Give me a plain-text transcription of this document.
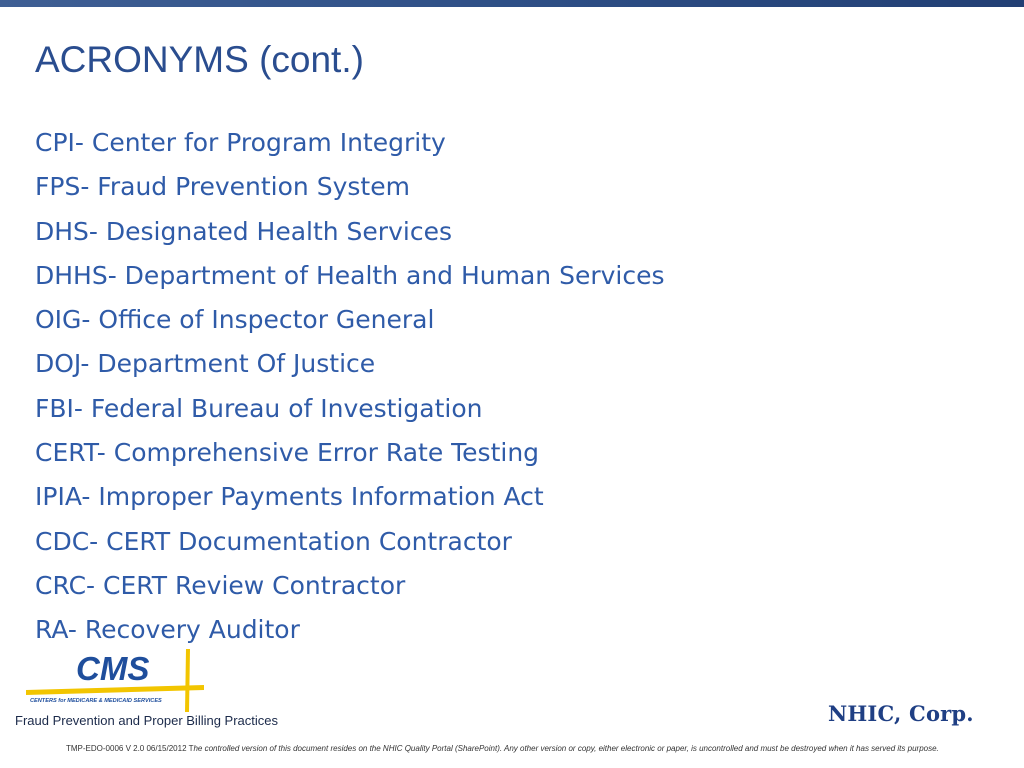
ACRONYMS (cont.)
CPI- Center for Program Integrity
FPS- Fraud Prevention System
DHS- Designated Health Services
DHHS- Department of Health and Human Services
OIG- Office of Inspector General
DOJ- Department Of Justice
FBI- Federal Bureau of Investigation
CERT- Comprehensive Error Rate Testing
IPIA- Improper Payments Information Act
CDC- CERT Documentation Contractor
CRC- CERT Review Contractor
RA- Recovery Auditor
CMS
CENTERS for MEDICARE & MEDICAID SERVICES
Fraud Prevention and Proper Billing Practices	NHIC, Corp.
TMP-EDO-0006 V 2.0 06/15/2012 The controlled version of this document resides on the NHIC Quality Portal (SharePoint). Any other version or copy, either electronic or paper, is uncontrolled and must be destroyed when it has served its purpose.
